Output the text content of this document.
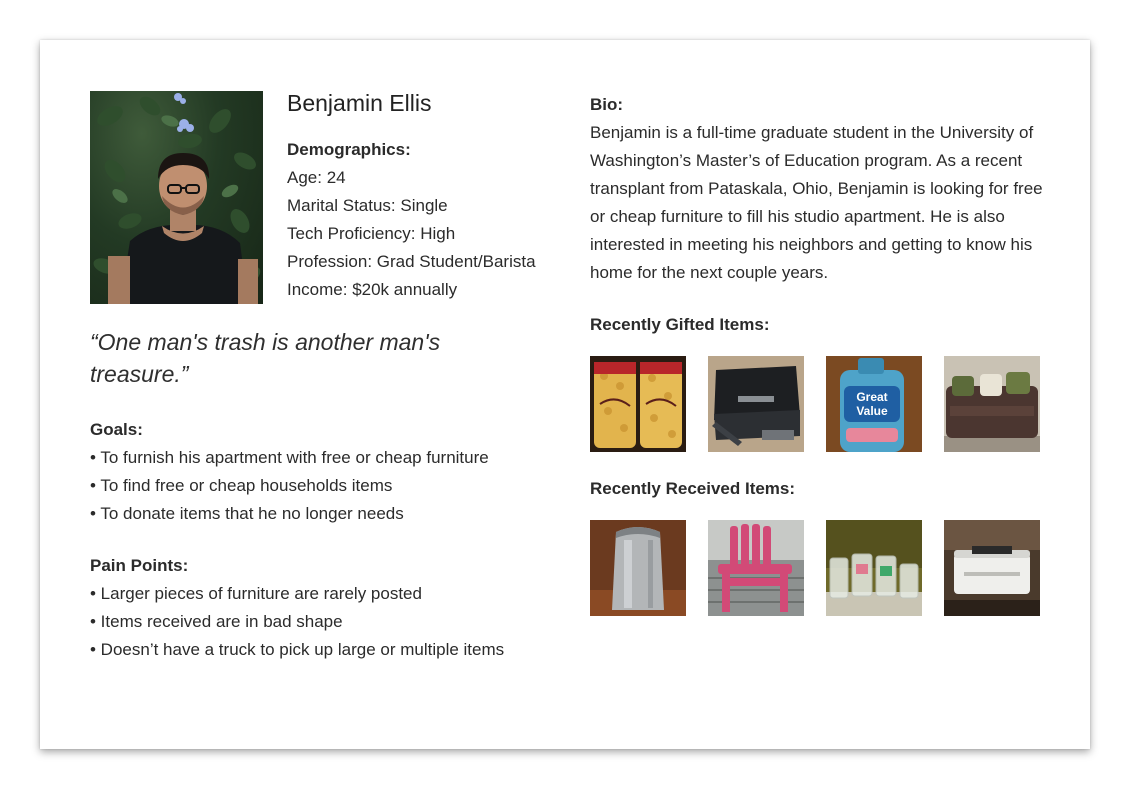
Benjamin Ellis
Demographics:
Age: 24
Marital Status: Single
Tech Proficiency: High
Profession: Grad Student/Barista
Income: $20k annually
“One man's trash is another man's treasure.”
Goals:
• To furnish his apartment with free or cheap furniture
• To find free or cheap households items
• To donate items that he no longer needs
Pain Points:
• Larger pieces of furniture are rarely posted
• Items received are in bad shape
• Doesn’t have a truck to pick up large or multiple items
Bio:
Benjamin is a full-time graduate student in the University of Washington’s Master’s of Education program. As a recent transplant from Pataskala, Ohio, Benjamin is looking for free or cheap furniture to fill his studio apartment. He is also interested in meeting his neighbors and getting to know his home for the next couple years.
Recently Gifted Items:
Great
Value
Recently Received Items:
